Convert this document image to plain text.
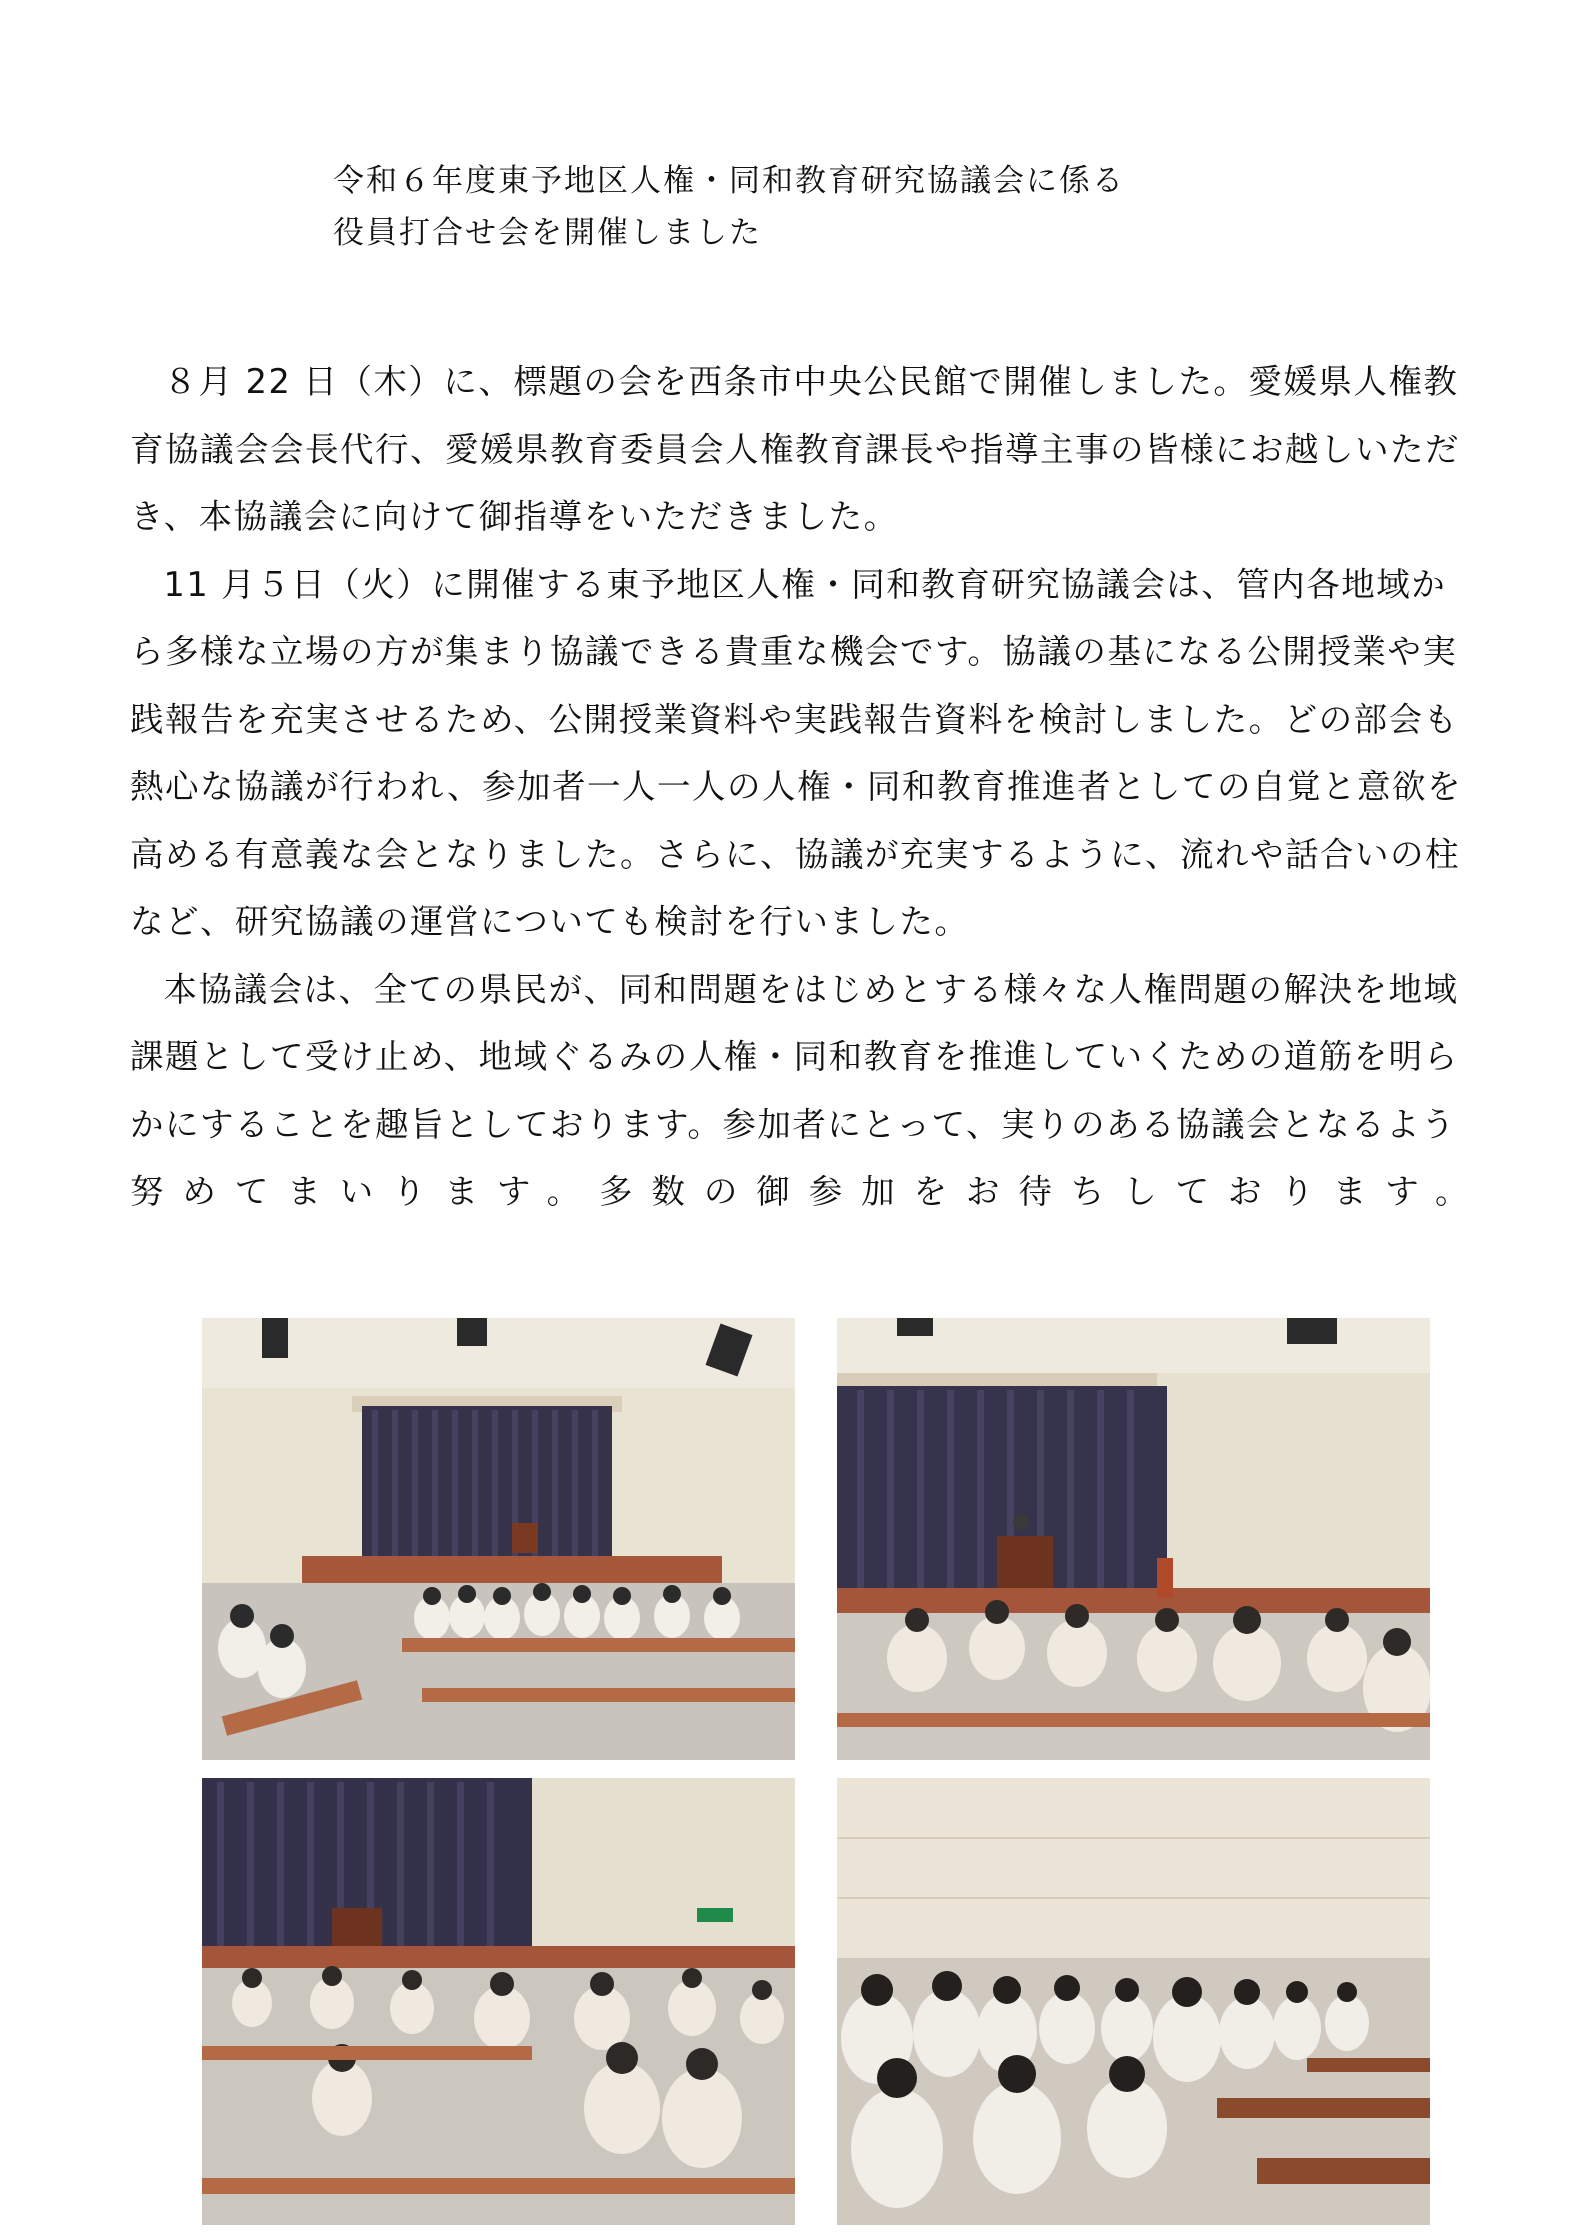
令和６年度東予地区人権・同和教育研究協議会に係る
役員打合せ会を開催しました

８月 22 日（木）に、標題の会を西条市中央公民館で開催しました。愛媛県人権教育協議会会長代行、愛媛県教育委員会人権教育課長や指導主事の皆様にお越しいただき、本協議会に向けて御指導をいただきました。

11 月５日（火）に開催する東予地区人権・同和教育研究協議会は、管内各地域から多様な立場の方が集まり協議できる貴重な機会です。協議の基になる公開授業や実践報告を充実させるため、公開授業資料や実践報告資料を検討しました。どの部会も熱心な協議が行われ、参加者一人一人の人権・同和教育推進者としての自覚と意欲を高める有意義な会となりました。さらに、協議が充実するように、流れや話合いの柱など、研究協議の運営についても検討を行いました。

本協議会は、全ての県民が、同和問題をはじめとする様々な人権問題の解決を地域課題として受け止め、地域ぐるみの人権・同和教育を推進していくための道筋を明らかにすることを趣旨としております。参加者にとって、実りのある協議会となるよう努めてまいります。多数の御参加をお待ちしております。
